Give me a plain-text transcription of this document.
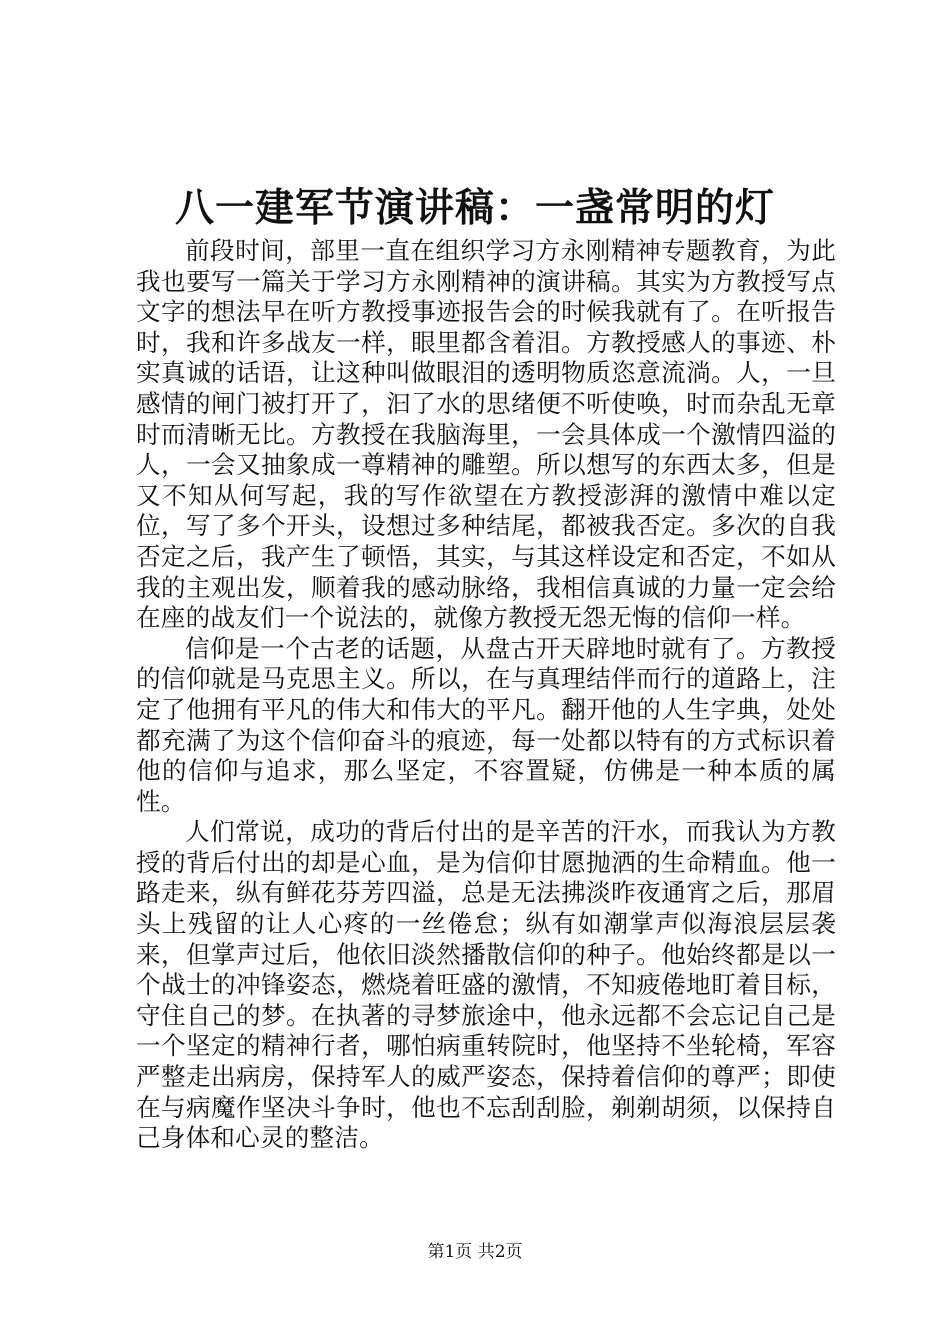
八一建军节演讲稿：一盏常明的灯

前段时间，部里一直在组织学习方永刚精神专题教育，为此我也要写一篇关于学习方永刚精神的演讲稿。其实为方教授写点文字的想法早在听方教授事迹报告会的时候我就有了。在听报告时，我和许多战友一样，眼里都含着泪。方教授感人的事迹、朴实真诚的话语，让这种叫做眼泪的透明物质恣意流淌。人，一旦感情的闸门被打开了，汩了水的思绪便不听使唤，时而杂乱无章时而清晰无比。方教授在我脑海里，一会具体成一个激情四溢的人，一会又抽象成一尊精神的雕塑。所以想写的东西太多，但是又不知从何写起，我的写作欲望在方教授澎湃的激情中难以定位，写了多个开头，设想过多种结尾，都被我否定。多次的自我否定之后，我产生了顿悟，其实，与其这样设定和否定，不如从我的主观出发，顺着我的感动脉络，我相信真诚的力量一定会给在座的战友们一个说法的，就像方教授无怨无悔的信仰一样。

信仰是一个古老的话题，从盘古开天辟地时就有了。方教授的信仰就是马克思主义。所以，在与真理结伴而行的道路上，注定了他拥有平凡的伟大和伟大的平凡。翻开他的人生字典，处处都充满了为这个信仰奋斗的痕迹，每一处都以特有的方式标识着他的信仰与追求，那么坚定，不容置疑，仿佛是一种本质的属性。

人们常说，成功的背后付出的是辛苦的汗水，而我认为方教授的背后付出的却是心血，是为信仰甘愿抛洒的生命精血。他一路走来，纵有鲜花芬芳四溢，总是无法拂淡昨夜通宵之后，那眉头上残留的让人心疼的一丝倦怠；纵有如潮掌声似海浪层层袭来，但掌声过后，他依旧淡然播散信仰的种子。他始终都是以一个战士的冲锋姿态，燃烧着旺盛的激情，不知疲倦地盯着目标，守住自己的梦。在执著的寻梦旅途中，他永远都不会忘记自己是一个坚定的精神行者，哪怕病重转院时，他坚持不坐轮椅，军容严整走出病房，保持军人的威严姿态，保持着信仰的尊严；即使在与病魔作坚决斗争时，他也不忘刮刮脸，剃剃胡须，以保持自己身体和心灵的整洁。

第1页 共2页
